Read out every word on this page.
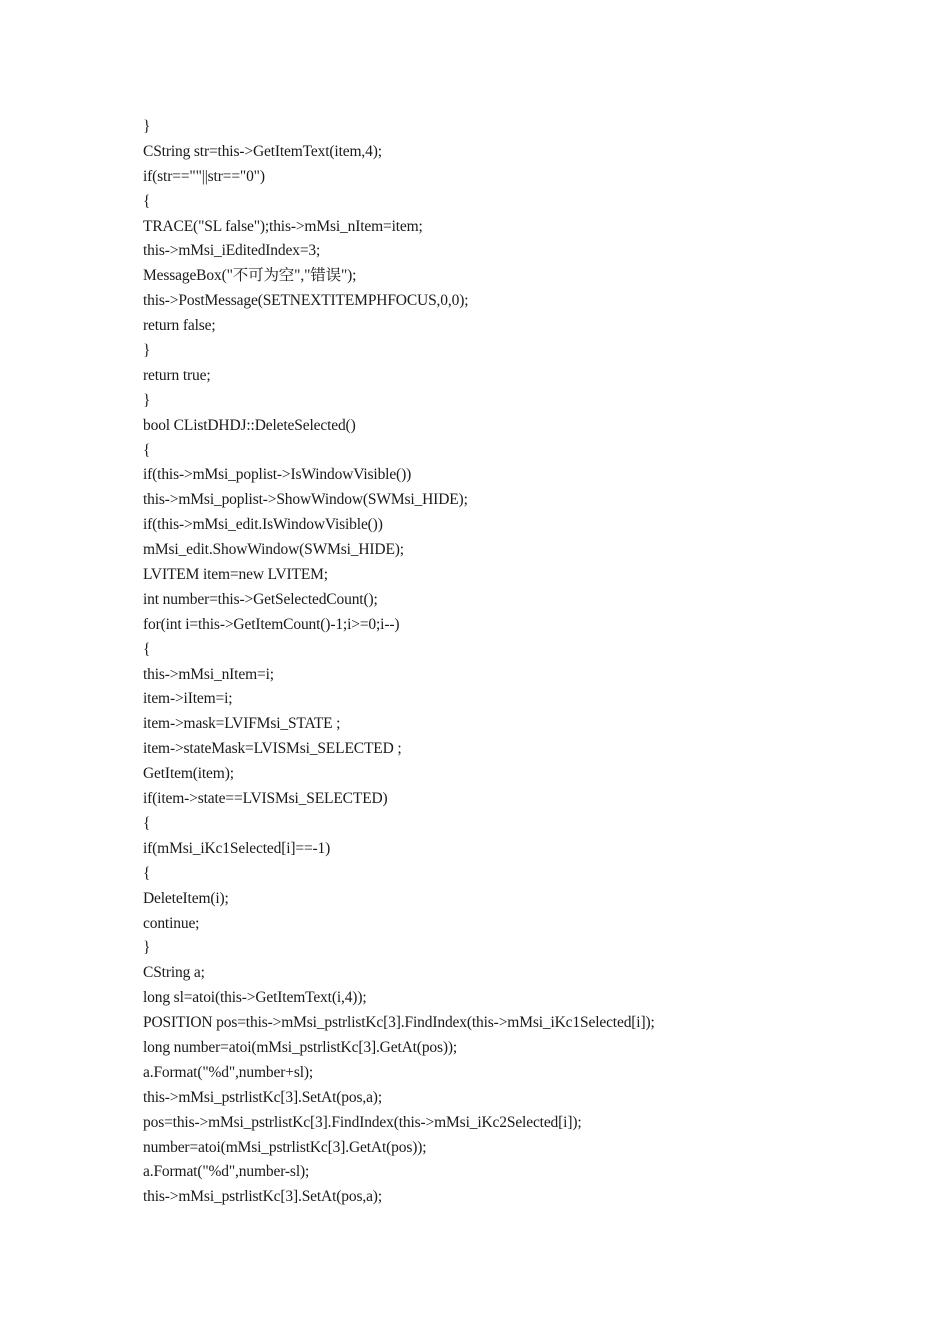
}
CString str=this->GetItemText(item,4);
if(str==""||str=="0")
{
TRACE("SL false");this->mMsi_nItem=item;
this->mMsi_iEditedIndex=3;
MessageBox("不可为空","错误");
this->PostMessage(SETNEXTITEMPHFOCUS,0,0);
return false;
}
return true;
}
bool CListDHDJ::DeleteSelected()
{
if(this->mMsi_poplist->IsWindowVisible())
this->mMsi_poplist->ShowWindow(SWMsi_HIDE);
if(this->mMsi_edit.IsWindowVisible())
mMsi_edit.ShowWindow(SWMsi_HIDE);
LVITEM item=new LVITEM;
int number=this->GetSelectedCount();
for(int i=this->GetItemCount()-1;i>=0;i--)
{
this->mMsi_nItem=i;
item->iItem=i;
item->mask=LVIFMsi_STATE ;
item->stateMask=LVISMsi_SELECTED ;
GetItem(item);
if(item->state==LVISMsi_SELECTED)
{
if(mMsi_iKc1Selected[i]==-1)
{
DeleteItem(i);
continue;
}
CString a;
long sl=atoi(this->GetItemText(i,4));
POSITION pos=this->mMsi_pstrlistKc[3].FindIndex(this->mMsi_iKc1Selected[i]);
long number=atoi(mMsi_pstrlistKc[3].GetAt(pos));
a.Format("%d",number+sl);
this->mMsi_pstrlistKc[3].SetAt(pos,a);
pos=this->mMsi_pstrlistKc[3].FindIndex(this->mMsi_iKc2Selected[i]);
number=atoi(mMsi_pstrlistKc[3].GetAt(pos));
a.Format("%d",number-sl);
this->mMsi_pstrlistKc[3].SetAt(pos,a);
